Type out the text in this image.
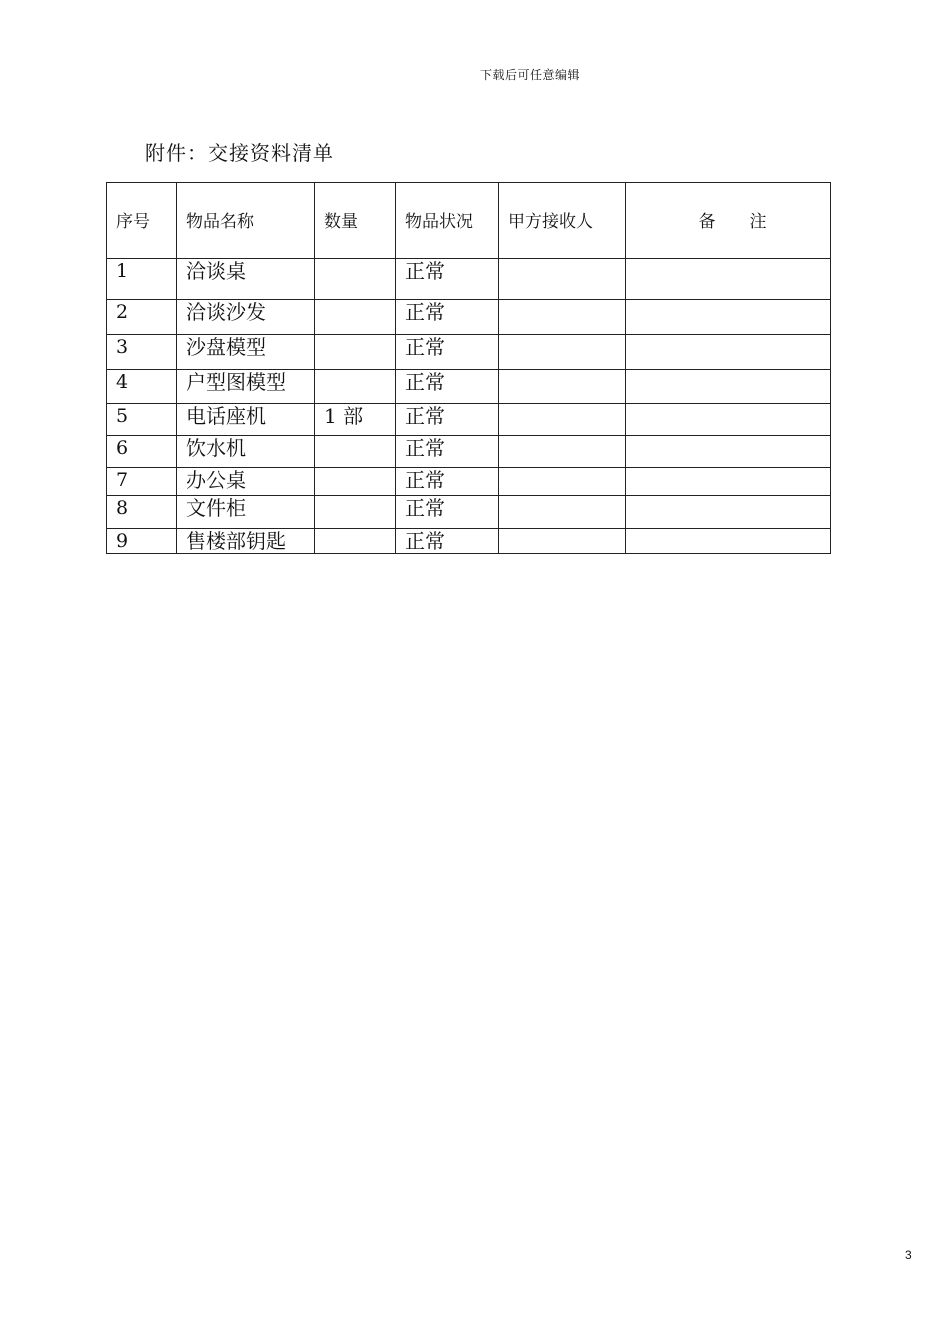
下载后可任意编辑
附件：交接资料清单
序号	物品名称	数量	物品状况	甲方接收人	备　　注
1	洽谈桌		正常		
2	洽谈沙发		正常		
3	沙盘模型		正常		
4	户型图模型		正常		
5	电话座机	1 部	正常		
6	饮水机		正常		
7	办公桌		正常		
8	文件柜		正常		
9	售楼部钥匙		正常		
3
